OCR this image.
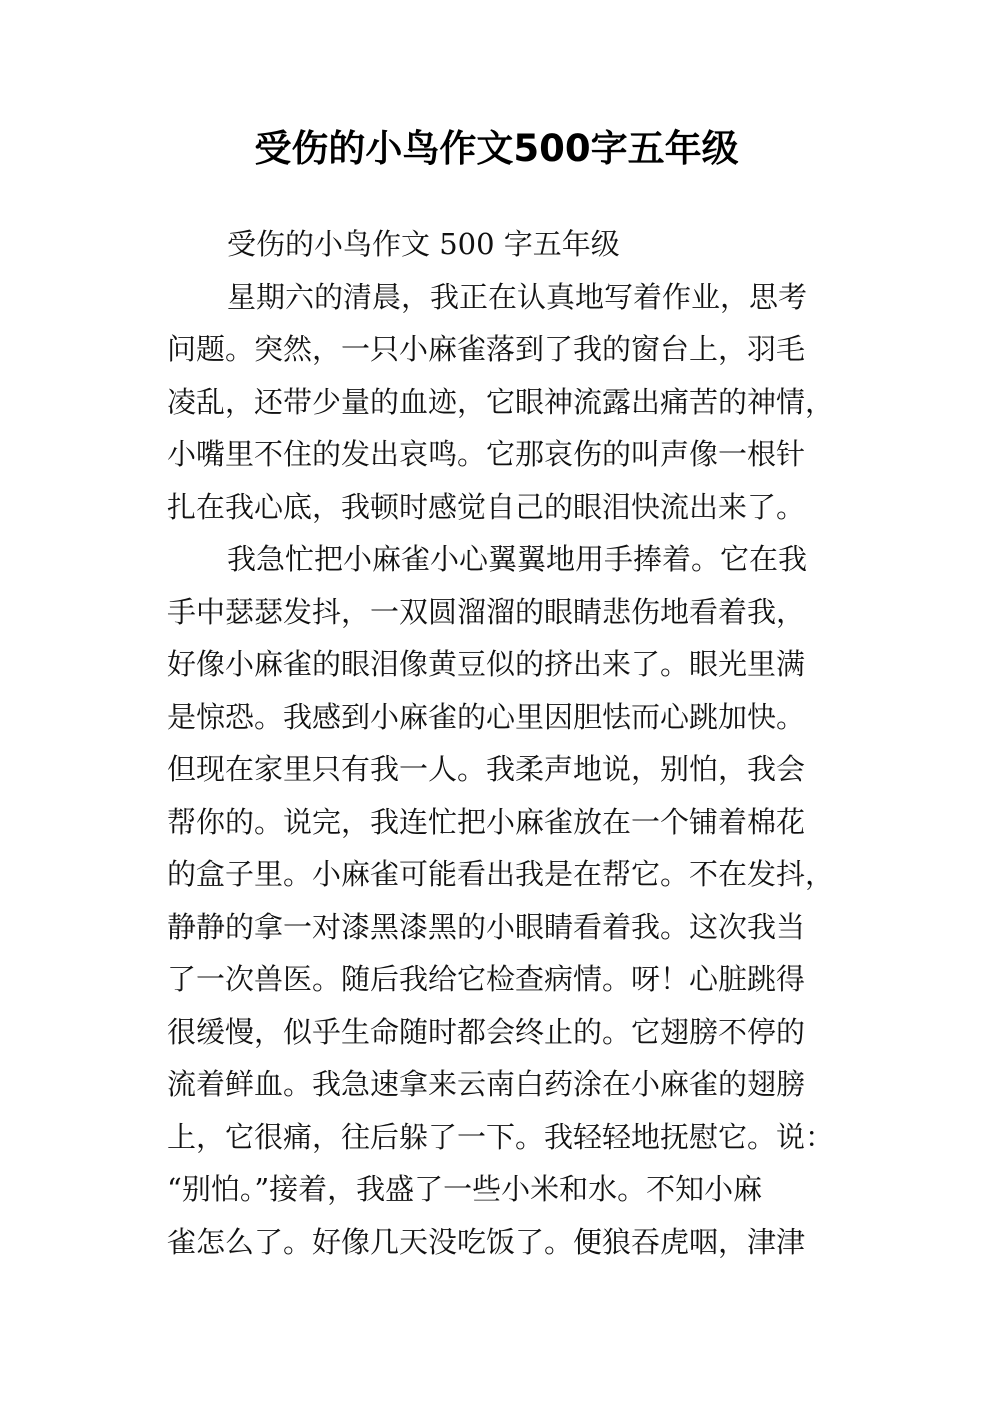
受伤的小鸟作文500字五年级
受伤的小鸟作文 500 字五年级
星期六的清晨，我正在认真地写着作业，思考
问题。突然，一只小麻雀落到了我的窗台上，羽毛
凌乱，还带少量的血迹，它眼神流露出痛苦的神情，
小嘴里不住的发出哀鸣。它那哀伤的叫声像一根针
扎在我心底，我顿时感觉自己的眼泪快流出来了。
我急忙把小麻雀小心翼翼地用手捧着。它在我
手中瑟瑟发抖，一双圆溜溜的眼睛悲伤地看着我，
好像小麻雀的眼泪像黄豆似的挤出来了。眼光里满
是惊恐。我感到小麻雀的心里因胆怯而心跳加快。
但现在家里只有我一人。我柔声地说，别怕，我会
帮你的。说完，我连忙把小麻雀放在一个铺着棉花
的盒子里。小麻雀可能看出我是在帮它。不在发抖，
静静的拿一对漆黑漆黑的小眼睛看着我。这次我当
了一次兽医。随后我给它检查病情。呀！心脏跳得
很缓慢，似乎生命随时都会终止的。它翅膀不停的
流着鲜血。我急速拿来云南白药涂在小麻雀的翅膀
上，它很痛，往后躲了一下。我轻轻地抚慰它。说：
“别怕。”接着，我盛了一些小米和水。不知小麻
雀怎么了。好像几天没吃饭了。便狼吞虎咽，津津
